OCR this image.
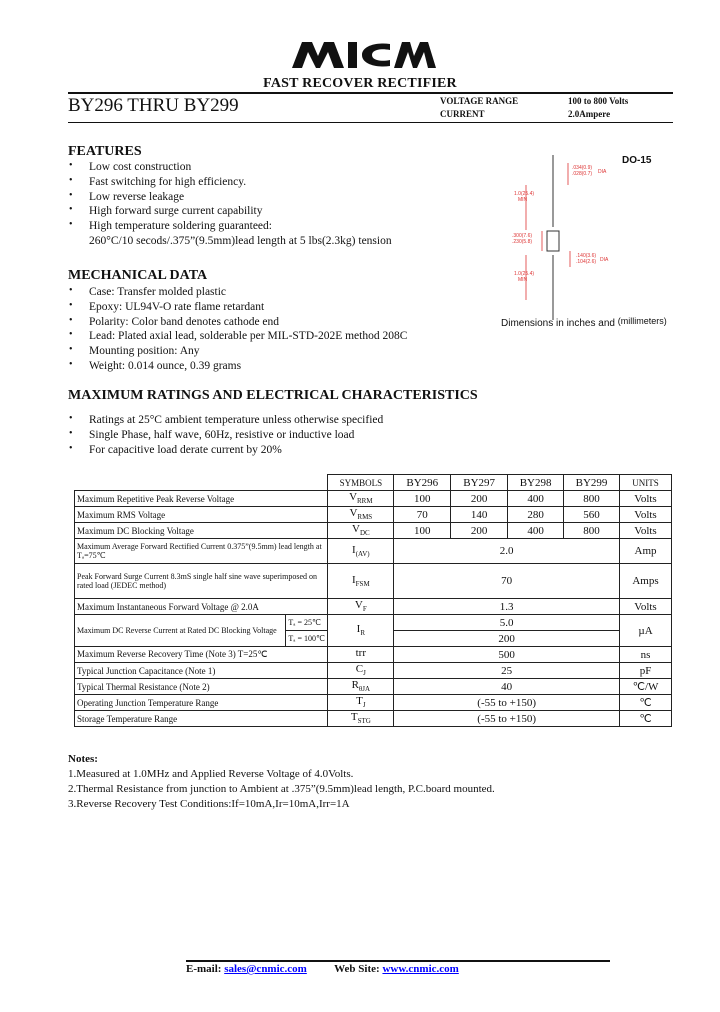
FAST RECOVER RECTIFIER
BY296 THRU BY299	VOLTAGE RANGE	100 to 800 Volts
CURRENT	2.0Ampere
FEATURES
• Low cost construction
• Fast switching for high efficiency.
• Low reverse leakage
• High forward surge current capability
• High temperature soldering guaranteed:
260°C/10 secods/.375”(9.5mm)lead length at 5 lbs(2.3kg) tension
DO-15
1.0(25.4)
MIN
.300(7.6)
.230(5.8)
1.0(25.4)
MIN
.034(0.9)
.028(0.7) DIA
.140(3.6)
.104(2.6) DIA
Dimensions in inches and (millimeters)
MECHANICAL DATA
• Case: Transfer molded plastic
• Epoxy: UL94V-O rate flame retardant
• Polarity: Color band denotes cathode end
• Lead: Plated axial lead, solderable per MIL-STD-202E method 208C
• Mounting position: Any
• Weight: 0.014 ounce, 0.39 grams
MAXIMUM RATINGS AND ELECTRICAL CHARACTERISTICS
• Ratings at 25°C ambient temperature unless otherwise specified
• Single Phase, half wave, 60Hz, resistive or inductive load
• For capacitive load derate current by 20%
		SYMBOLS	BY296	BY297	BY298	BY299	UNITS
Maximum Repetitive Peak Reverse Voltage		$V_{RRM}$	100	200	400	800	Volts
Maximum RMS Voltage		$V_{RMS}$	70	140	280	560	Volts
Maximum DC Blocking Voltage		$V_{DC}$	100	200	400	800	Volts
Maximum Average Forward Rectified Current 0.375”(9.5mm) lead length at Tₐ=75℃		$I_{(AV)}$	2.0				Amp
Peak Forward Surge Current 8.3mS single half sine wave superimposed on rated load (JEDEC method)		$I_{FSM}$	70				Amps
Maximum Instantaneous Forward Voltage @ 2.0A		$V_F$	1.3				Volts
Maximum DC Reverse Current at Rated DC Blocking Voltage	Tₐ = 25℃	$I_R$	5.0				µA
	Tₐ = 100℃		200				
Maximum Reverse Recovery Time (Note 3) T=25℃		trr	500				ns
Typical Junction Capacitance (Note 1)		$C_J$	25				pF
Typical Thermal Resistance (Note 2)		$R_{\theta JA}$	40				℃/W
Operating Junction Temperature Range		$T_J$	(-55 to +150)				℃
Storage Temperature Range		$T_{STG}$	(-55 to +150)				℃
Notes:
1.Measured at 1.0MHz and Applied Reverse Voltage of 4.0Volts.
2.Thermal Resistance from junction to Ambient at .375”(9.5mm)lead length, P.C.board mounted.
3.Reverse Recovery Test Conditions:If=10mA,Ir=10mA,Irr=1A
E-mail: sales@cnmic.com Web Site: www.cnmic.com
